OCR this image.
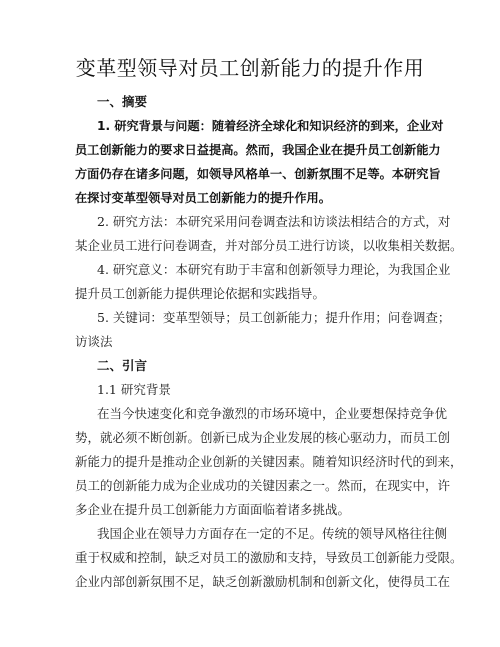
变革型领导对员工创新能力的提升作用
一、摘要
1. 研究背景与问题：随着经济全球化和知识经济的到来，企业对
员工创新能力的要求日益提高。然而，我国企业在提升员工创新能力
方面仍存在诸多问题，如领导风格单一、创新氛围不足等。本研究旨
在探讨变革型领导对员工创新能力的提升作用。
2. 研究方法：本研究采用问卷调查法和访谈法相结合的方式，对
某企业员工进行问卷调查，并对部分员工进行访谈，以收集相关数据。
4. 研究意义：本研究有助于丰富和创新领导力理论，为我国企业
提升员工创新能力提供理论依据和实践指导。
5. 关键词：变革型领导；员工创新能力；提升作用；问卷调查；
访谈法
二、引言
1.1 研究背景
在当今快速变化和竞争激烈的市场环境中，企业要想保持竞争优
势，就必须不断创新。创新已成为企业发展的核心驱动力，而员工创
新能力的提升是推动企业创新的关键因素。随着知识经济时代的到来，
员工的创新能力成为企业成功的关键因素之一。然而，在现实中，许
多企业在提升员工创新能力方面面临着诸多挑战。
我国企业在领导力方面存在一定的不足。传统的领导风格往往侧
重于权威和控制，缺乏对员工的激励和支持，导致员工创新能力受限。
企业内部创新氛围不足，缺乏创新激励机制和创新文化，使得员工在
